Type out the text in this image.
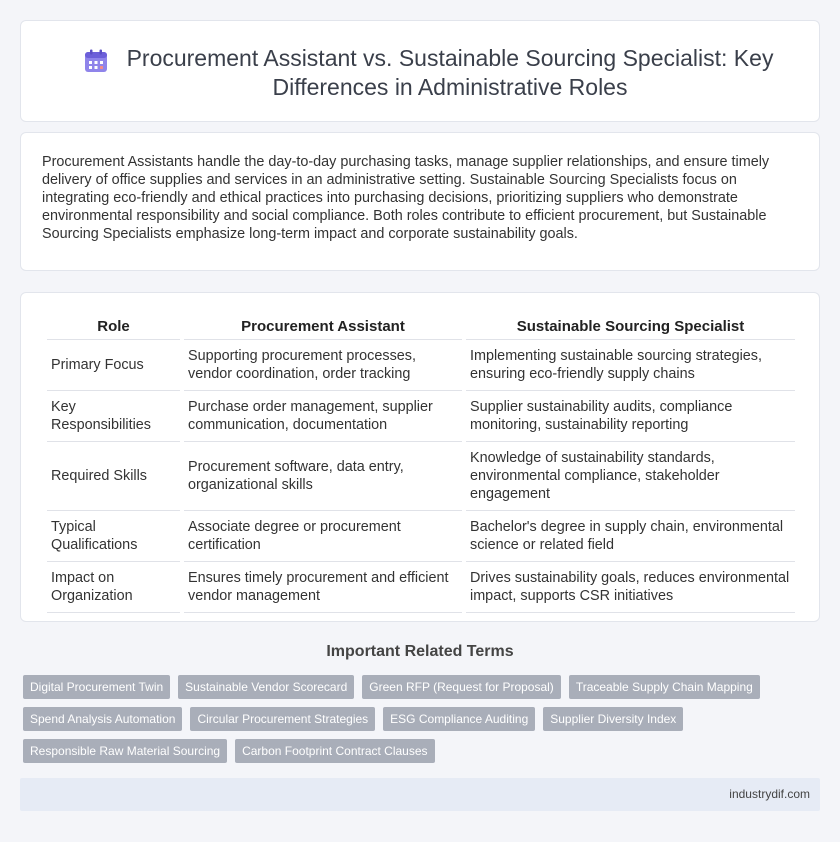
Procurement Assistant vs. Sustainable Sourcing Specialist: Key Differences in Administrative Roles

Procurement Assistants handle the day-to-day purchasing tasks, manage supplier relationships, and ensure timely delivery of office supplies and services in an administrative setting. Sustainable Sourcing Specialists focus on integrating eco-friendly and ethical practices into purchasing decisions, prioritizing suppliers who demonstrate environmental responsibility and social compliance. Both roles contribute to efficient procurement, but Sustainable Sourcing Specialists emphasize long-term impact and corporate sustainability goals.

Role	Procurement Assistant	Sustainable Sourcing Specialist
Primary Focus	Supporting procurement processes, vendor coordination, order tracking	Implementing sustainable sourcing strategies, ensuring eco-friendly supply chains
Key Responsibilities	Purchase order management, supplier communication, documentation	Supplier sustainability audits, compliance monitoring, sustainability reporting
Required Skills	Procurement software, data entry, organizational skills	Knowledge of sustainability standards, environmental compliance, stakeholder engagement
Typical Qualifications	Associate degree or procurement certification	Bachelor's degree in supply chain, environmental science or related field
Impact on Organization	Ensures timely procurement and efficient vendor management	Drives sustainability goals, reduces environmental impact, supports CSR initiatives
Important Related Terms
Digital Procurement Twin	Sustainable Vendor Scorecard	Green RFP (Request for Proposal)	Traceable Supply Chain Mapping
Spend Analysis Automation	Circular Procurement Strategies	ESG Compliance Auditing	Supplier Diversity Index
Responsible Raw Material Sourcing	Carbon Footprint Contract Clauses
industrydif.com
